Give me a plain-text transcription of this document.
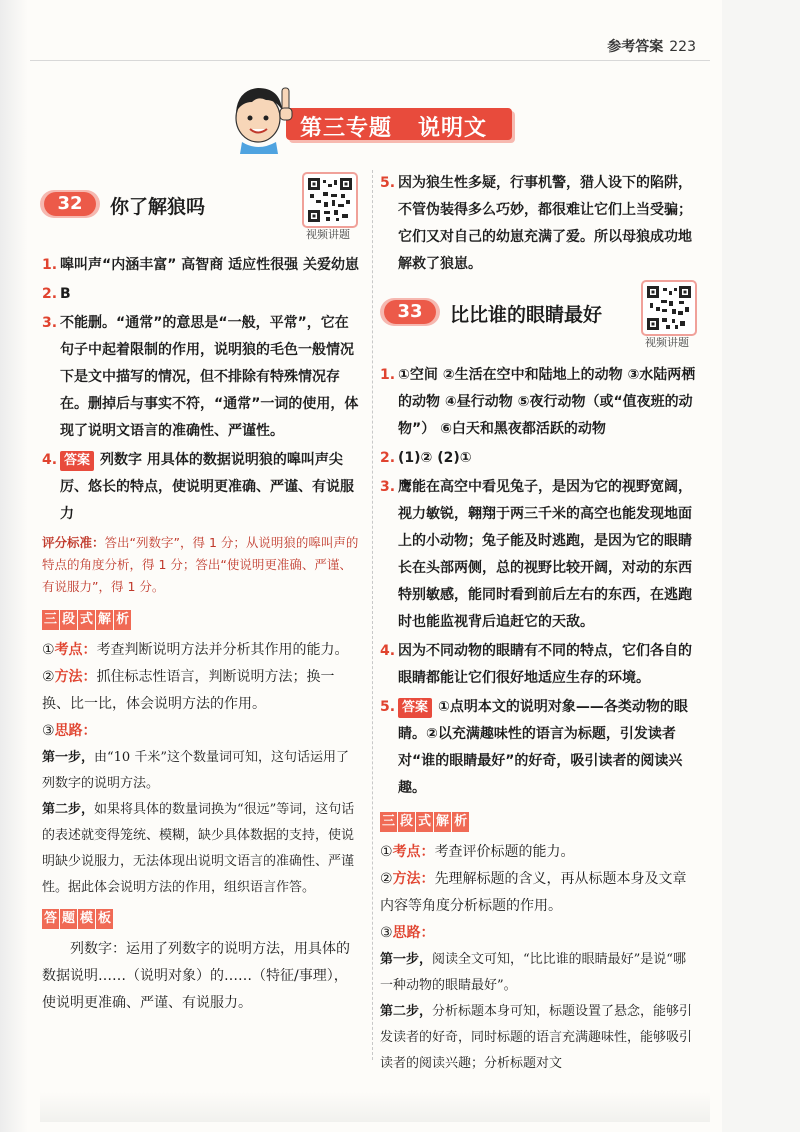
参考答案 223
第三专题   说明文
32	你了解狼吗
视频讲题
1. 嗥叫声“内涵丰富” 高智商 适应性很强 关爱幼崽
2. B
3. 不能删。“通常”的意思是“一般，平常”，它在句子中起着限制的作用，说明狼的毛色一般情况下是文中描写的情况，但不排除有特殊情况存在。删掉后与事实不符，“通常”一词的使用，体现了说明文语言的准确性、严谨性。
4. 答案 列数字 用具体的数据说明狼的嗥叫声尖厉、悠长的特点，使说明更准确、严谨、有说服力
评分标准：答出“列数字”，得 1 分；从说明狼的嗥叫声的特点的角度分析，得 1 分；答出“使说明更准确、严谨、有说服力”，得 1 分。
三 段 式 解 析
①考点：考查判断说明方法并分析其作用的能力。
②方法：抓住标志性语言，判断说明方法；换一换、比一比，体会说明方法的作用。
③思路：
第一步，由“10 千米”这个数量词可知，这句话运用了列数字的说明方法。
第二步，如果将具体的数量词换为“很远”等词，这句话的表述就变得笼统、模糊，缺少具体数据的支持，使说明缺少说服力，无法体现出说明文语言的准确性、严谨性。据此体会说明方法的作用，组织语言作答。
答 题 模 板
列数字：运用了列数字的说明方法，用具体的数据说明……（说明对象）的……（特征/事理），使说明更准确、严谨、有说服力。
5. 因为狼生性多疑，行事机警，猎人设下的陷阱，不管伪装得多么巧妙，都很难让它们上当受骗；它们又对自己的幼崽充满了爱。所以母狼成功地解救了狼崽。
33	比比谁的眼睛最好
视频讲题
1. ①空间 ②生活在空中和陆地上的动物 ③水陆两栖的动物 ④昼行动物 ⑤夜行动物（或“值夜班的动物”） ⑥白天和黑夜都活跃的动物
2. (1)② (2)①
3. 鹰能在高空中看见兔子，是因为它的视野宽阔，视力敏锐，翱翔于两三千米的高空也能发现地面上的小动物；兔子能及时逃跑，是因为它的眼睛长在头部两侧，总的视野比较开阔，对动的东西特别敏感，能同时看到前后左右的东西，在逃跑时也能监视背后追赶它的天敌。
4. 因为不同动物的眼睛有不同的特点，它们各自的眼睛都能让它们很好地适应生存的环境。
5. 答案 ①点明本文的说明对象——各类动物的眼睛。②以充满趣味性的语言为标题，引发读者对“谁的眼睛最好”的好奇，吸引读者的阅读兴趣。
三 段 式 解 析
①考点：考查评价标题的能力。
②方法：先理解标题的含义，再从标题本身及文章内容等角度分析标题的作用。
③思路：
第一步，阅读全文可知，“比比谁的眼睛最好”是说“哪一种动物的眼睛最好”。
第二步，分析标题本身可知，标题设置了悬念，能够引发读者的好奇，同时标题的语言充满趣味性，能够吸引读者的阅读兴趣；分析标题对文
